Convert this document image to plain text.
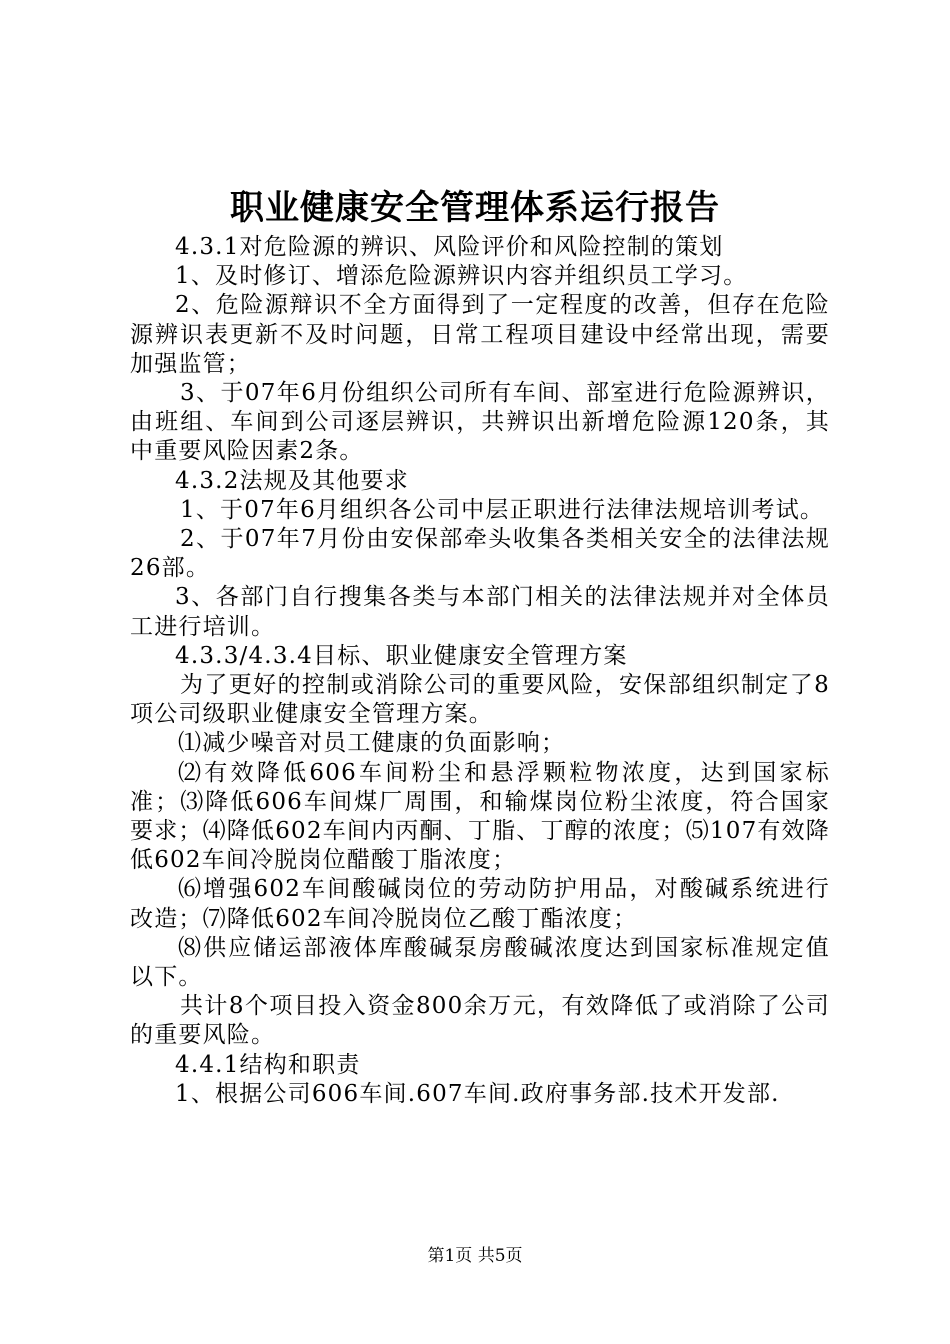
职业健康安全管理体系运行报告

4.3.1对危险源的辨识、风险评价和风险控制的策划

1、及时修订、增添危险源辨识内容并组织员工学习。

2、危险源辩识不全方面得到了一定程度的改善，但存在危险源辨识表更新不及时问题，日常工程项目建设中经常出现，需要加强监管；

3、于07年6月份组织公司所有车间、部室进行危险源辨识，由班组、车间到公司逐层辨识，共辨识出新增危险源120条，其中重要风险因素2条。

4.3.2法规及其他要求

1、于07年6月组织各公司中层正职进行法律法规培训考试。

2、于07年7月份由安保部牵头收集各类相关安全的法律法规26部。

3、各部门自行搜集各类与本部门相关的法律法规并对全体员工进行培训。

4.3.3/4.3.4目标、职业健康安全管理方案

为了更好的控制或消除公司的重要风险，安保部组织制定了8项公司级职业健康安全管理方案。

⑴减少噪音对员工健康的负面影响；

⑵有效降低606车间粉尘和悬浮颗粒物浓度，达到国家标准；⑶降低606车间煤厂周围，和输煤岗位粉尘浓度，符合国家要求；⑷降低602车间内丙酮、丁脂、丁醇的浓度；⑸107有效降低602车间冷脱岗位醋酸丁脂浓度；

⑹增强602车间酸碱岗位的劳动防护用品，对酸碱系统进行改造；⑺降低602车间冷脱岗位乙酸丁酯浓度；

⑻供应储运部液体库酸碱泵房酸碱浓度达到国家标准规定值以下。

共计8个项目投入资金800余万元，有效降低了或消除了公司的重要风险。

4.4.1结构和职责

1、根据公司606车间.607车间.政府事务部.技术开发部.

第1页 共5页
